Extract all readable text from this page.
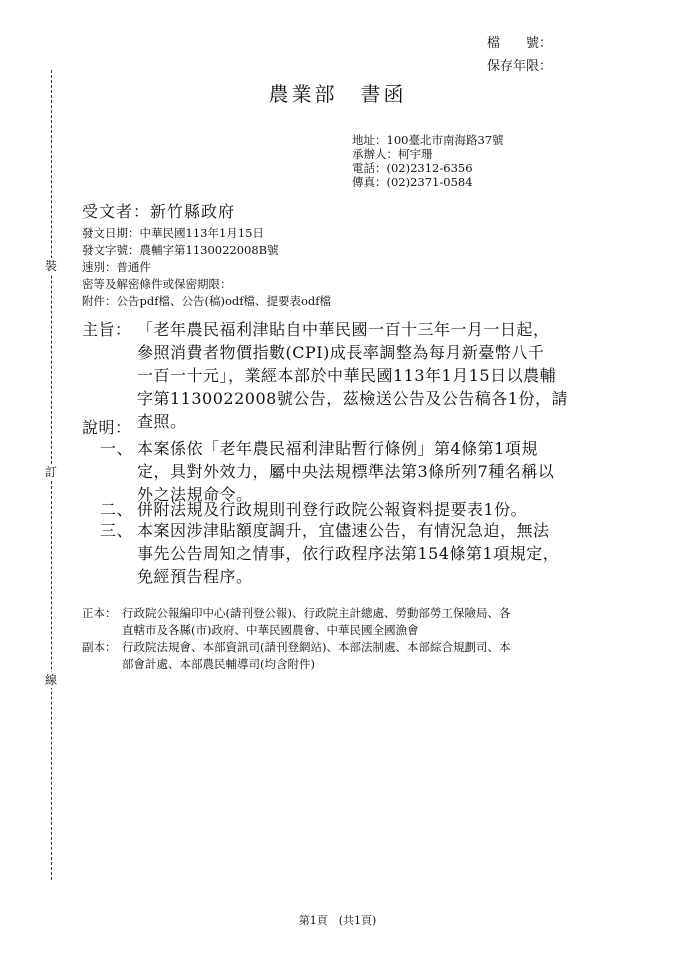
檔　　號：
保存年限：
裝
訂
線
農業部　書函
地址：100臺北市南海路37號
承辦人：柯宇珊
電話：(02)2312-6356
傳真：(02)2371-0584
受文者：新竹縣政府
發文日期：中華民國113年1月15日
發文字號：農輔字第1130022008B號
速別：普通件
密等及解密條件或保密期限：
附件：公告pdf檔、公告(稿)odf檔、提要表odf檔
主旨： 「老年農民福利津貼自中華民國一百十三年一月一日起，
參照消費者物價指數(CPI)成長率調整為每月新臺幣八千
一百一十元」，業經本部於中華民國113年1月15日以農輔
字第1130022008號公告，茲檢送公告及公告稿各1份，請
查照。
說明：
一、 本案係依「老年農民福利津貼暫行條例」第4條第1項規
定，具對外效力，屬中央法規標準法第3條所列7種名稱以
外之法規命令。
二、 併附法規及行政規則刊登行政院公報資料提要表1份。
三、 本案因涉津貼額度調升，宜儘速公告，有情況急迫，無法
事先公告周知之情事，依行政程序法第154條第1項規定，
免經預告程序。
正本： 行政院公報編印中心(請刊登公報)、行政院主計總處、勞動部勞工保險局、各
直轄市及各縣(市)政府、中華民國農會、中華民國全國漁會
副本： 行政院法規會、本部資訊司(請刊登網站)、本部法制處、本部綜合規劃司、本
部會計處、本部農民輔導司(均含附件)
第1頁　(共1頁)
